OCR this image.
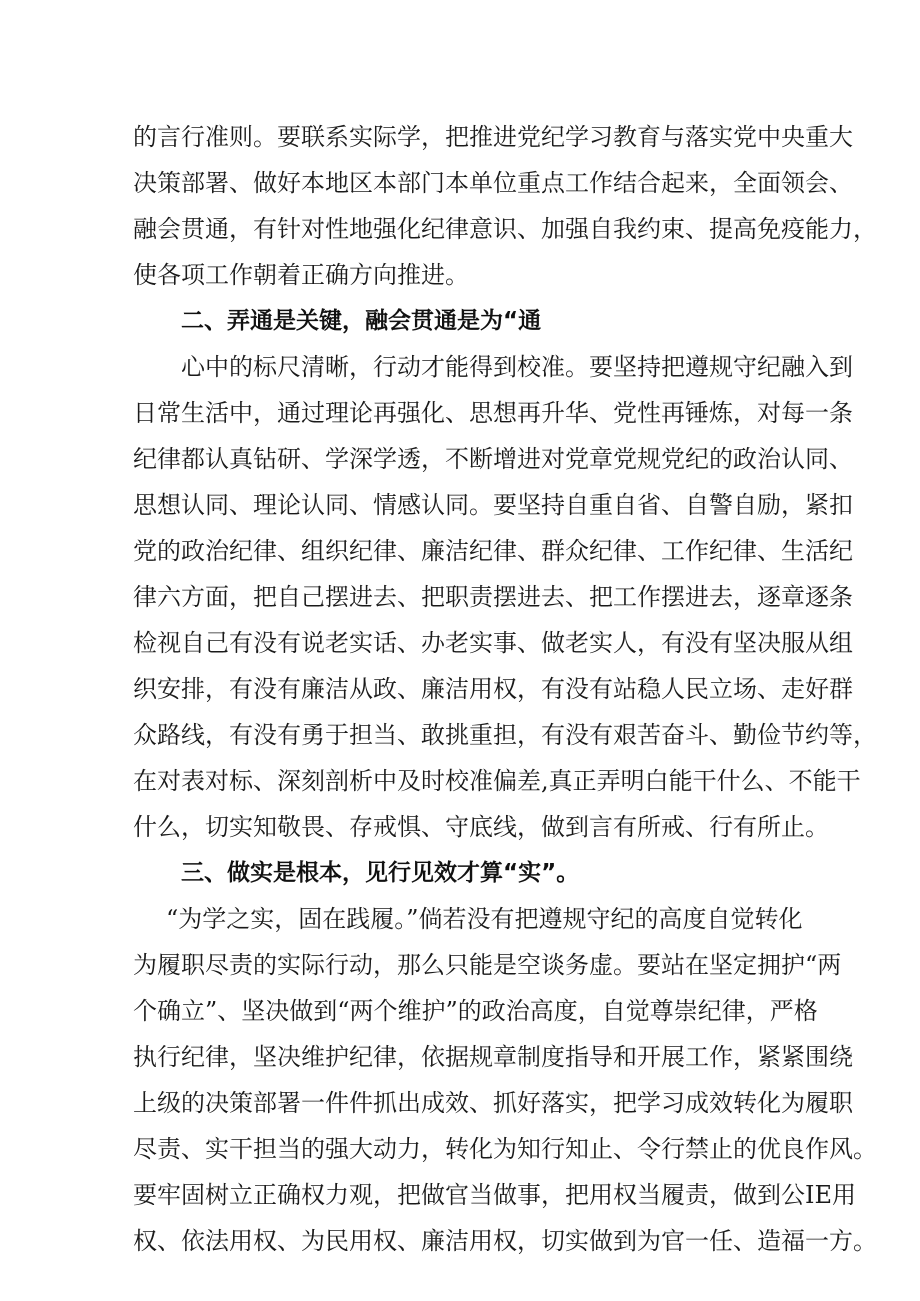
的言行准则。要联系实际学，把推进党纪学习教育与落实党中央重大
决策部署、做好本地区本部门本单位重点工作结合起来，全面领会、
融会贯通，有针对性地强化纪律意识、加强自我约束、提高免疫能力，
使各项工作朝着正确方向推进。
二、弄通是关键，融会贯通是为“通
心中的标尺清晰，行动才能得到校准。要坚持把遵规守纪融入到
日常生活中，通过理论再强化、思想再升华、党性再锤炼，对每一条
纪律都认真钻研、学深学透，不断增进对党章党规党纪的政治认同、
思想认同、理论认同、情感认同。要坚持自重自省、自警自励，紧扣
党的政治纪律、组织纪律、廉洁纪律、群众纪律、工作纪律、生活纪
律六方面，把自己摆进去、把职责摆进去、把工作摆进去，逐章逐条
检视自己有没有说老实话、办老实事、做老实人，有没有坚决服从组
织安排，有没有廉洁从政、廉洁用权，有没有站稳人民立场、走好群
众路线，有没有勇于担当、敢挑重担，有没有艰苦奋斗、勤俭节约等，
在对表对标、深刻剖析中及时校准偏差,真正弄明白能干什么、不能干
什么，切实知敬畏、存戒惧、守底线，做到言有所戒、行有所止。
三、做实是根本，见行见效才算“实”。
“为学之实，固在践履。”倘若没有把遵规守纪的高度自觉转化
为履职尽责的实际行动，那么只能是空谈务虚。要站在坚定拥护“两
个确立”、坚决做到“两个维护”的政治高度，自觉尊崇纪律，严格
执行纪律，坚决维护纪律，依据规章制度指导和开展工作，紧紧围绕
上级的决策部署一件件抓出成效、抓好落实，把学习成效转化为履职
尽责、实干担当的强大动力，转化为知行知止、令行禁止的优良作风。
要牢固树立正确权力观，把做官当做事，把用权当履责，做到公IE用
权、依法用权、为民用权、廉洁用权，切实做到为官一任、造福一方。
